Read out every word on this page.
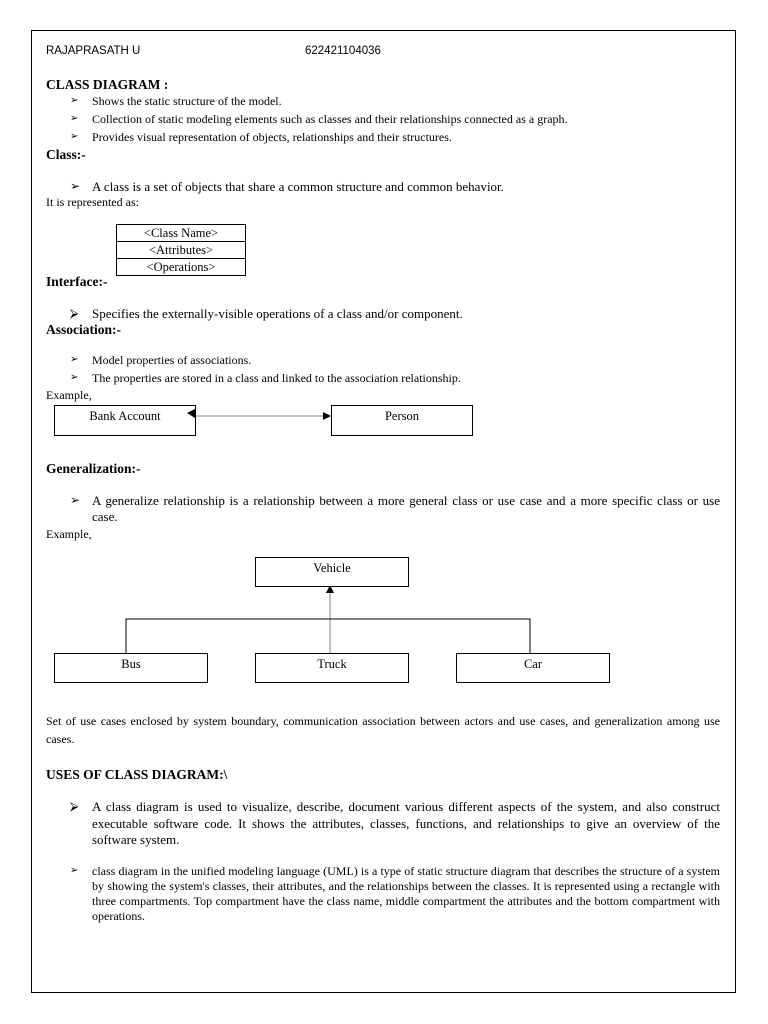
RAJAPRASATH U	622421104036
CLASS DIAGRAM :
➢	Shows the static structure of the model.
➢	Collection of static modeling elements such as classes and their relationships connected as a graph.
➢	Provides visual representation of objects, relationships and their structures.
Class:-
➢ A class is a set of objects that share a common structure and common behavior.
It is represented as:
<Class Name>
<Attributes>
<Operations>
Interface:-
⮚	Specifies the externally-visible operations of a class and/or component.
Association:-
➢	Model properties of associations.
➢	The properties are stored in a class and linked to the association relationship.
Example,
Bank Account	Person
Generalization:-
➢ A generalize relationship is a relationship between a more general class or use case and a more specific class or use case.
Example,
Vehicle
Bus	Truck	Car
Set of use cases enclosed by system boundary, communication association between actors and use cases, and generalization among use cases.
USES OF CLASS DIAGRAM:\
⮚	A class diagram is used to visualize, describe, document various different aspects of the system, and also construct executable software code. It shows the attributes, classes, functions, and relationships to give an overview of the software system.
➢	class diagram in the unified modeling language (UML) is a type of static structure diagram that describes the structure of a system by showing the system's classes, their attributes, and the relationships between the classes. It is represented using a rectangle with three compartments. Top compartment have the class name, middle compartment the attributes and the bottom compartment with operations.
